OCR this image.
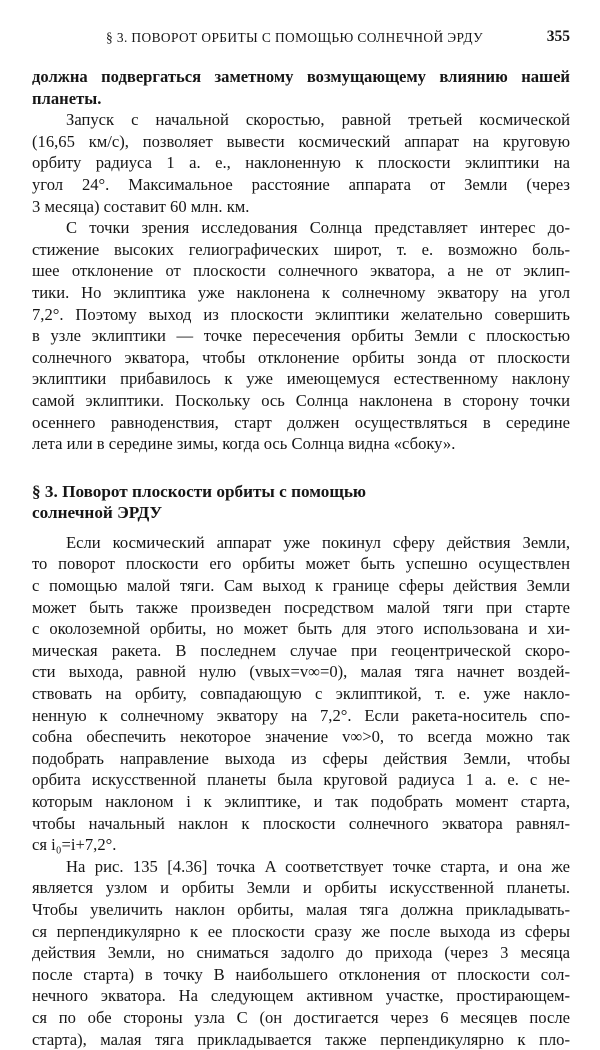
§ 3. ПОВОРОТ ОРБИТЫ С ПОМОЩЬЮ СОЛНЕЧНОЙ ЭРДУ	355
должна подвергаться заметному возмущающему влиянию нашей
планеты.
Запуск с начальной скоростью, равной третьей космической
(16,65 км/с), позволяет вывести космический аппарат на круговую
орбиту радиуса 1 а. е., наклоненную к плоскости эклиптики на
угол 24°. Максимальное расстояние аппарата от Земли (через
3 месяца) составит 60 млн. км.
С точки зрения исследования Солнца представляет интерес до-
стижение высоких гелиографических широт, т. е. возможно боль-
шее отклонение от плоскости солнечного экватора, а не от эклип-
тики. Но эклиптика уже наклонена к солнечному экватору на угол
7,2°. Поэтому выход из плоскости эклиптики желательно совершить
в узле эклиптики — точке пересечения орбиты Земли с плоскостью
солнечного экватора, чтобы отклонение орбиты зонда от плоскости
эклиптики прибавилось к уже имеющемуся естественному наклону
самой эклиптики. Поскольку ось Солнца наклонена в сторону точки
осеннего равноденствия, старт должен осуществляться в середине
лета или в середине зимы, когда ось Солнца видна «сбоку».
§ 3. Поворот плоскости орбиты с помощью
солнечной ЭРДУ
Если космический аппарат уже покинул сферу действия Земли,
то поворот плоскости его орбиты может быть успешно осуществлен
с помощью малой тяги. Сам выход к границе сферы действия Земли
может быть также произведен посредством малой тяги при старте
с околоземной орбиты, но может быть для этого использована и хи-
мическая ракета. В последнем случае при геоцентрической скоро-
сти выхода, равной нулю (vвых=v∞=0), малая тяга начнет воздей-
ствовать на орбиту, совпадающую с эклиптикой, т. е. уже накло-
ненную к солнечному экватору на 7,2°. Если ракета-носитель спо-
собна обеспечить некоторое значение v∞>0, то всегда можно так
подобрать направление выхода из сферы действия Земли, чтобы
орбита искусственной планеты была круговой радиуса 1 а. е. с не-
которым наклоном i к эклиптике, и так подобрать момент старта,
чтобы начальный наклон к плоскости солнечного экватора равнял-
ся i₀=i+7,2°.
На рис. 135 [4.36] точка A соответствует точке старта, и она же
является узлом и орбиты Земли и орбиты искусственной планеты.
Чтобы увеличить наклон орбиты, малая тяга должна прикладывать-
ся перпендикулярно к ее плоскости сразу же после выхода из сферы
действия Земли, но сниматься задолго до прихода (через 3 месяца
после старта) в точку B наибольшего отклонения от плоскости сол-
нечного экватора. На следующем активном участке, простирающем-
ся по обе стороны узла C (он достигается через 6 месяцев после
старта), малая тяга прикладывается также перпендикулярно к пло-
